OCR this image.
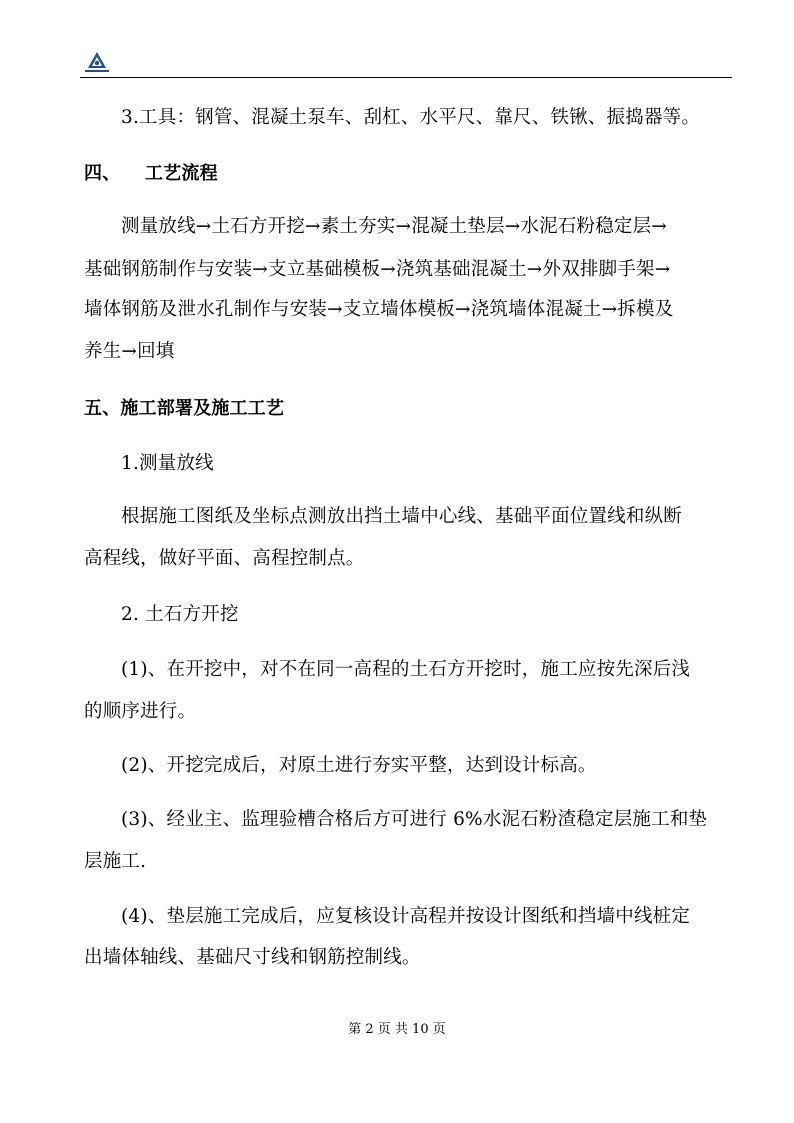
3.工具：钢管、混凝土泵车、刮杠、水平尺、靠尺、铁锹、振捣器等。
四、 工艺流程
测量放线→土石方开挖→素土夯实→混凝土垫层→水泥石粉稳定层→
基础钢筋制作与安装→支立基础模板→浇筑基础混凝土→外双排脚手架→
墙体钢筋及泄水孔制作与安装→支立墙体模板→浇筑墙体混凝土→拆模及
养生→回填
五、施工部署及施工工艺
1.测量放线
根据施工图纸及坐标点测放出挡土墙中心线、基础平面位置线和纵断
高程线，做好平面、高程控制点。
2. 土石方开挖
(1)、在开挖中，对不在同一高程的土石方开挖时，施工应按先深后浅
的顺序进行。
(2)、开挖完成后，对原土进行夯实平整，达到设计标高。
(3)、经业主、监理验槽合格后方可进行 6%水泥石粉渣稳定层施工和垫
层施工.
(4)、垫层施工完成后，应复核设计高程并按设计图纸和挡墙中线桩定
出墙体轴线、基础尺寸线和钢筋控制线。
第 2 页 共 10 页
